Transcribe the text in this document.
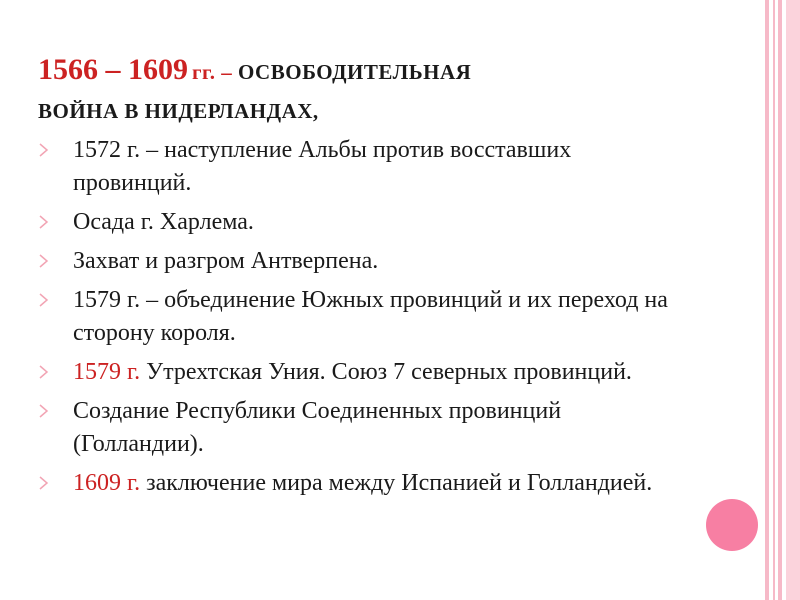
1566 – 1609 гг. – ОСВОБОДИТЕЛЬНАЯ
ВОЙНА В НИДЕРЛАНДАХ,
1572 г. – наступление Альбы против восставших провинций.
Осада г. Харлема.
Захват и разгром Антверпена.
1579 г. – объединение Южных провинций и их переход на сторону короля.
1579 г. Утрехтская Уния. Союз 7 северных провинций.
Создание Республики Соединенных провинций (Голландии).
1609 г. заключение мира между Испанией и Голландией.
